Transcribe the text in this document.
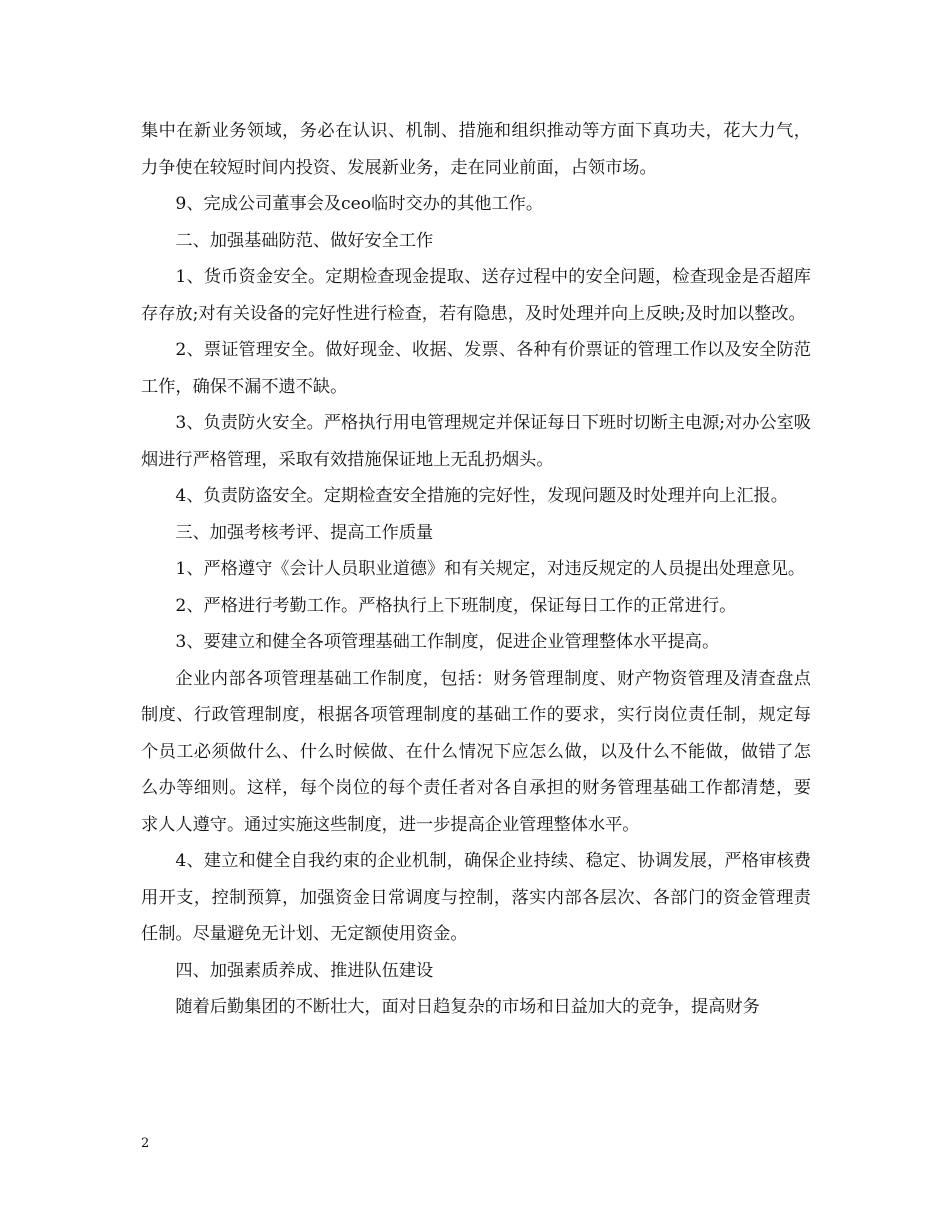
集中在新业务领域，务必在认识、机制、措施和组织推动等方面下真功夫，花大力气，力争使在较短时间内投资、发展新业务，走在同业前面，占领市场。

9、完成公司董事会及ceo临时交办的其他工作。

二、加强基础防范、做好安全工作

1、货币资金安全。定期检查现金提取、送存过程中的安全问题，检查现金是否超库存存放;对有关设备的完好性进行检查，若有隐患，及时处理并向上反映;及时加以整改。

2、票证管理安全。做好现金、收据、发票、各种有价票证的管理工作以及安全防范工作，确保不漏不遗不缺。

3、负责防火安全。严格执行用电管理规定并保证每日下班时切断主电源;对办公室吸烟进行严格管理，采取有效措施保证地上无乱扔烟头。

4、负责防盗安全。定期检查安全措施的完好性，发现问题及时处理并向上汇报。

三、加强考核考评、提高工作质量

1、严格遵守《会计人员职业道德》和有关规定，对违反规定的人员提出处理意见。

2、严格进行考勤工作。严格执行上下班制度，保证每日工作的正常进行。

3、要建立和健全各项管理基础工作制度，促进企业管理整体水平提高。

企业内部各项管理基础工作制度，包括：财务管理制度、财产物资管理及清查盘点制度、行政管理制度，根据各项管理制度的基础工作的要求，实行岗位责任制，规定每个员工必须做什么、什么时候做、在什么情况下应怎么做，以及什么不能做，做错了怎么办等细则。这样，每个岗位的每个责任者对各自承担的财务管理基础工作都清楚，要求人人遵守。通过实施这些制度，进一步提高企业管理整体水平。

4、建立和健全自我约束的企业机制，确保企业持续、稳定、协调发展，严格审核费用开支，控制预算，加强资金日常调度与控制，落实内部各层次、各部门的资金管理责任制。尽量避免无计划、无定额使用资金。

四、加强素质养成、推进队伍建设

随着后勤集团的不断壮大，面对日趋复杂的市场和日益加大的竞争，提高财务

2
